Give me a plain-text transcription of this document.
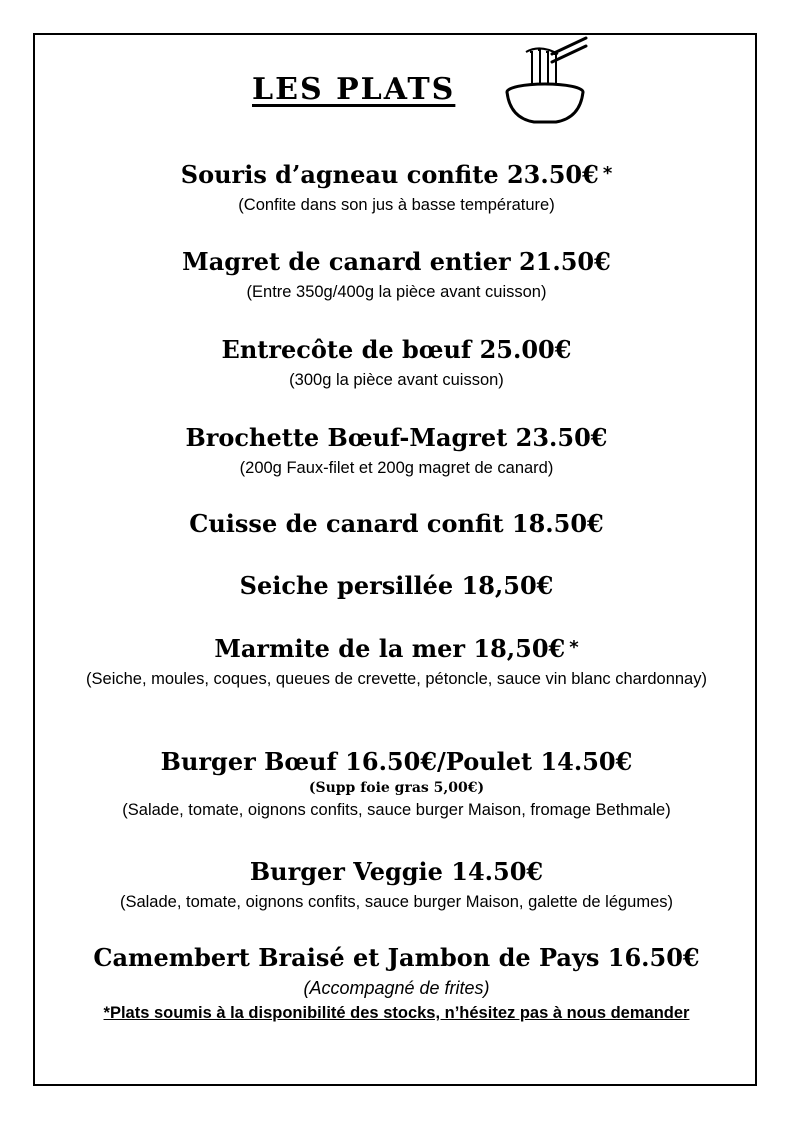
LES PLATS

Souris d’agneau confite 23.50€ *

(Confite dans son jus à basse température)

Magret de canard entier 21.50€

(Entre 350g/400g la pièce avant cuisson)

Entrecôte de bœuf 25.00€

(300g la pièce avant cuisson)

Brochette Bœuf-Magret 23.50€

(200g Faux-filet et 200g magret de canard)

Cuisse de canard confit 18.50€

Seiche persillée 18,50€

Marmite de la mer 18,50€ *

(Seiche, moules, coques, queues de crevette, pétoncle, sauce vin blanc chardonnay)

Burger Bœuf 16.50€/Poulet 14.50€

(Supp foie gras 5,00€)

(Salade, tomate, oignons confits, sauce burger Maison, fromage Bethmale)

Burger Veggie 14.50€

(Salade, tomate, oignons confits, sauce burger Maison, galette de légumes)

Camembert Braisé et Jambon de Pays 16.50€

(Accompagné de frites)

*Plats soumis à la disponibilité des stocks, n’hésitez pas à nous demander
